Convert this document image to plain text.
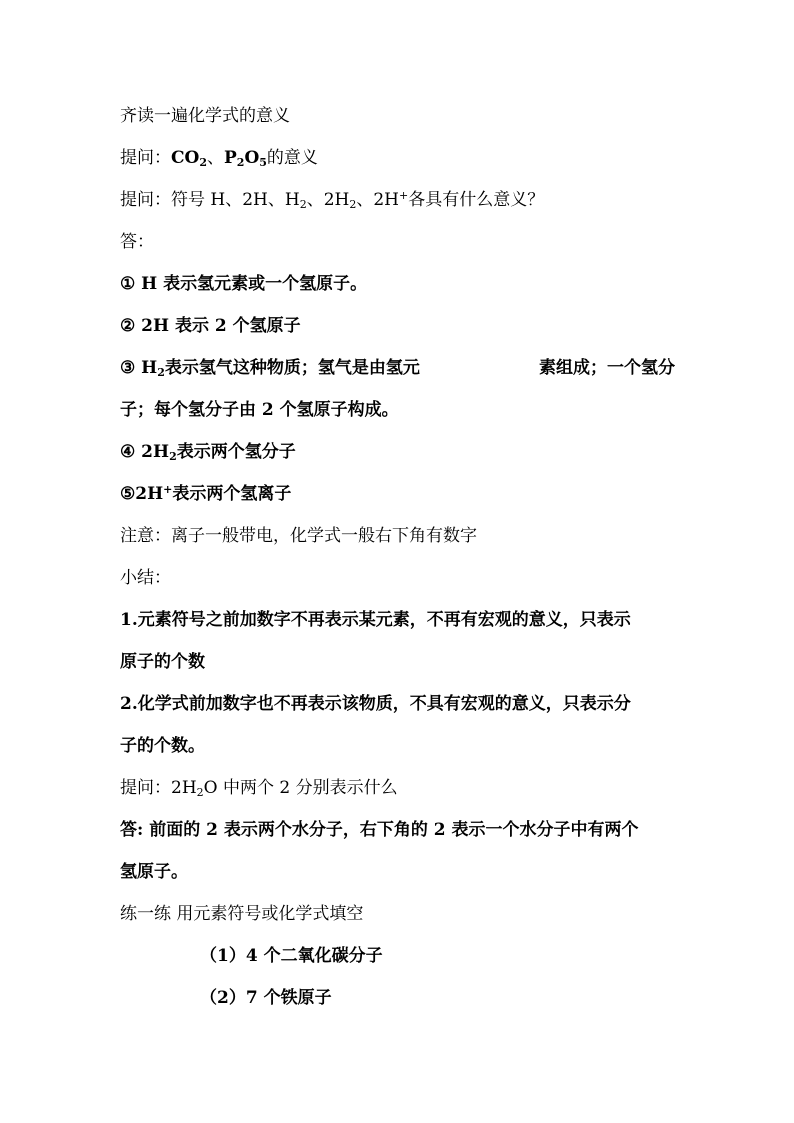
齐读一遍化学式的意义

提问：$CO_2$、$P_2O_5$的意义

提问：符号 H、2H、$H_2$、$2H_2$、2H+各具有什么意义？

答：

① H 表示氢元素或一个氢原子。

② 2H 表示 2 个氢原子

③ $H_2$表示氢气这种物质；氢气是由氢元	素组成；一个氢分

子；每个氢分子由 2 个氢原子构成。

④ $2H_2$表示两个氢分子

⑤2H+表示两个氢离子

注意：离子一般带电，化学式一般右下角有数字

小结：

1.元素符号之前加数字不再表示某元素，不再有宏观的意义，只表示

原子的个数

2.化学式前加数字也不再表示该物质，不具有宏观的意义，只表示分

子的个数。

提问：$2H_2O$ 中两个 2 分别表示什么

答: 前面的 2 表示两个水分子，右下角的 2 表示一个水分子中有两个

氢原子。

练一练 用元素符号或化学式填空

（1）4 个二氧化碳分子

（2）7 个铁原子
